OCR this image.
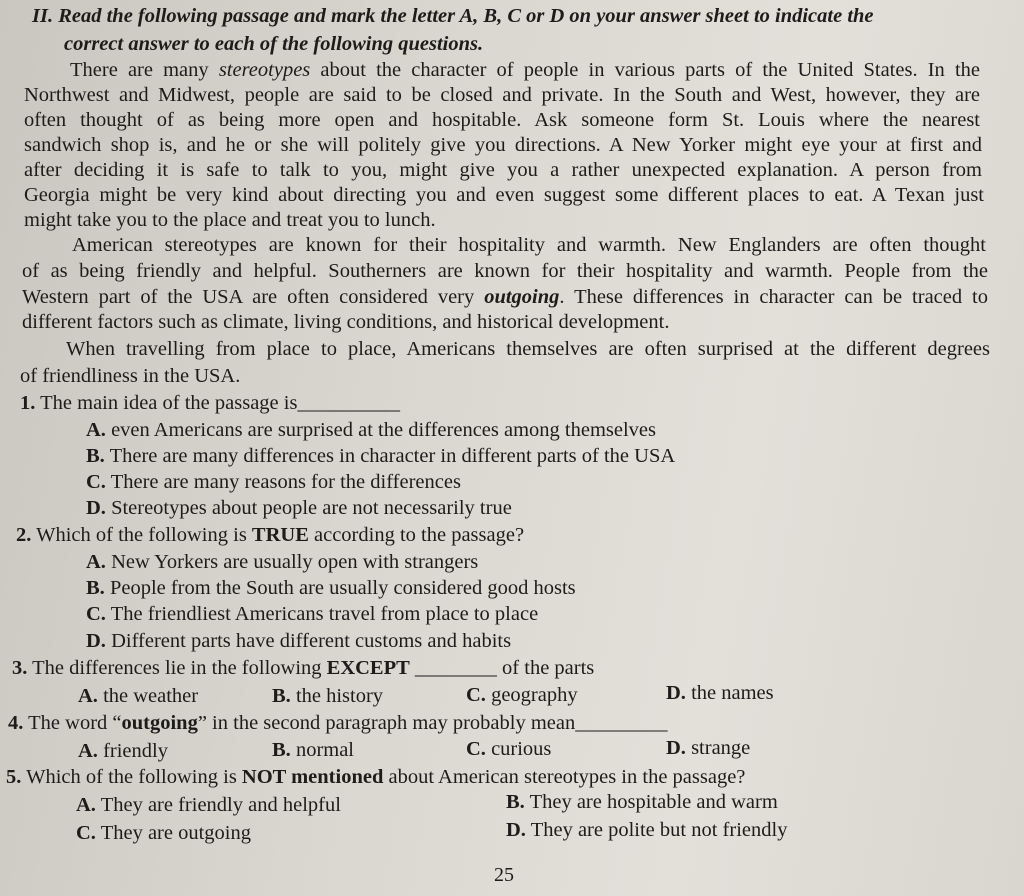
II. Read the following passage and mark the letter A, B, C or D on your answer sheet to indicate the
correct answer to each of the following questions.
There are many stereotypes about the character of people in various parts of the United States. In the
Northwest and Midwest, people are said to be closed and private. In the South and West, however, they are
often thought of as being more open and hospitable. Ask someone form St. Louis where the nearest
sandwich shop is, and he or she will politely give you directions. A New Yorker might eye your at first and
after deciding it is safe to talk to you, might give you a rather unexpected explanation. A person from
Georgia might be very kind about directing you and even suggest some different places to eat. A Texan just
might take you to the place and treat you to lunch.
American stereotypes are known for their hospitality and warmth. New Englanders are often thought
of as being friendly and helpful. Southerners are known for their hospitality and warmth. People from the
Western part of the USA are often considered very outgoing. These differences in character can be traced to
different factors such as climate, living conditions, and historical development.
When travelling from place to place, Americans themselves are often surprised at the different degrees
of friendliness in the USA.
1. The main idea of the passage is__________
A. even Americans are surprised at the differences among themselves
B. There are many differences in character in different parts of the USA
C. There are many reasons for the differences
D. Stereotypes about people are not necessarily true
2. Which of the following is TRUE according to the passage?
A. New Yorkers are usually open with strangers
B. People from the South are usually considered good hosts
C. The friendliest Americans travel from place to place
D. Different parts have different customs and habits
3. The differences lie in the following EXCEPT ________ of the parts
A. the weather	B. the history	C. geography	D. the names
4. The word “outgoing” in the second paragraph may probably mean_________
A. friendly	B. normal	C. curious	D. strange
5. Which of the following is NOT mentioned about American stereotypes in the passage?
A. They are friendly and helpful	B. They are hospitable and warm
C. They are outgoing	D. They are polite but not friendly
25
